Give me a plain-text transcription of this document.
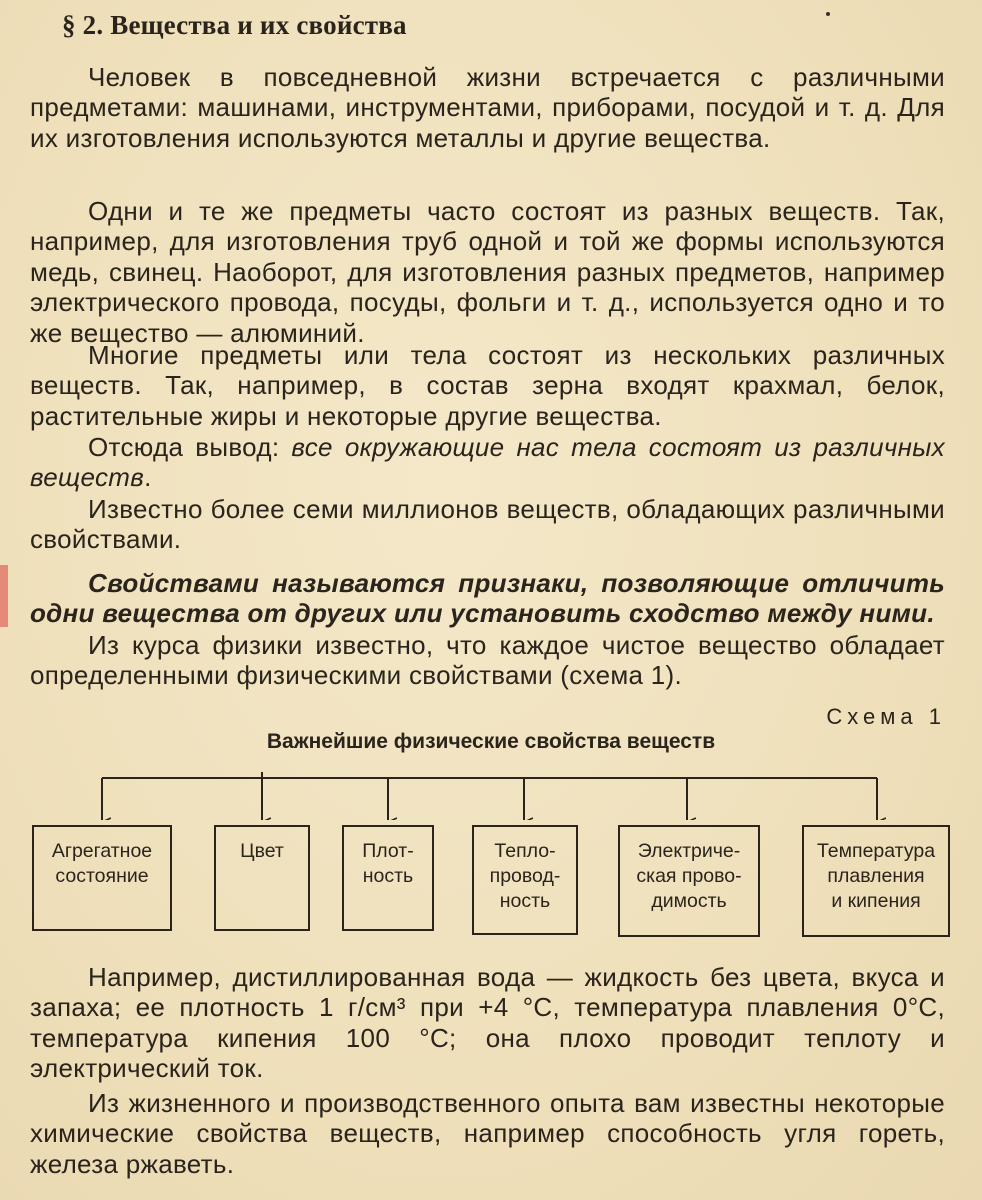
§ 2. Вещества и их свойства
Человек в повседневной жизни встречается с различными предметами: машинами, инструментами, приборами, посудой и т. д. Для их изготовления используются металлы и другие вещества.
Одни и те же предметы часто состоят из разных веществ. Так, например, для изготовления труб одной и той же формы используются медь, свинец. Наоборот, для изготовления разных предметов, например электрического провода, посуды, фольги и т. д., используется одно и то же вещество — алюминий.
Многие предметы или тела состоят из нескольких различных веществ. Так, например, в состав зерна входят крахмал, белок, растительные жиры и некоторые другие вещества.
Отсюда вывод: все окружающие нас тела состоят из различных веществ.
Известно более семи миллионов веществ, обладающих различными свойствами.
Свойствами называются признаки, позволяющие отличить одни вещества от других или установить сходство между ними.
Из курса физики известно, что каждое чистое вещество обладает определенными физическими свойствами (схема 1).
Схема 1
Важнейшие физические свойства веществ
Агрегатное
состояние
Цвет	Плот-
ность
Тепло-
провод-
ность
Электриче-
ская прово-
димость
Температура
плавления
и кипения
Например, дистиллированная вода — жидкость без цвета, вкуса и запаха; ее плотность 1 г/см³ при +4 °С, температура плавления 0°С, температура кипения 100 °С; она плохо проводит теплоту и электрический ток.
Из жизненного и производственного опыта вам известны некоторые химические свойства веществ, например способность угля гореть, железа ржаветь.
